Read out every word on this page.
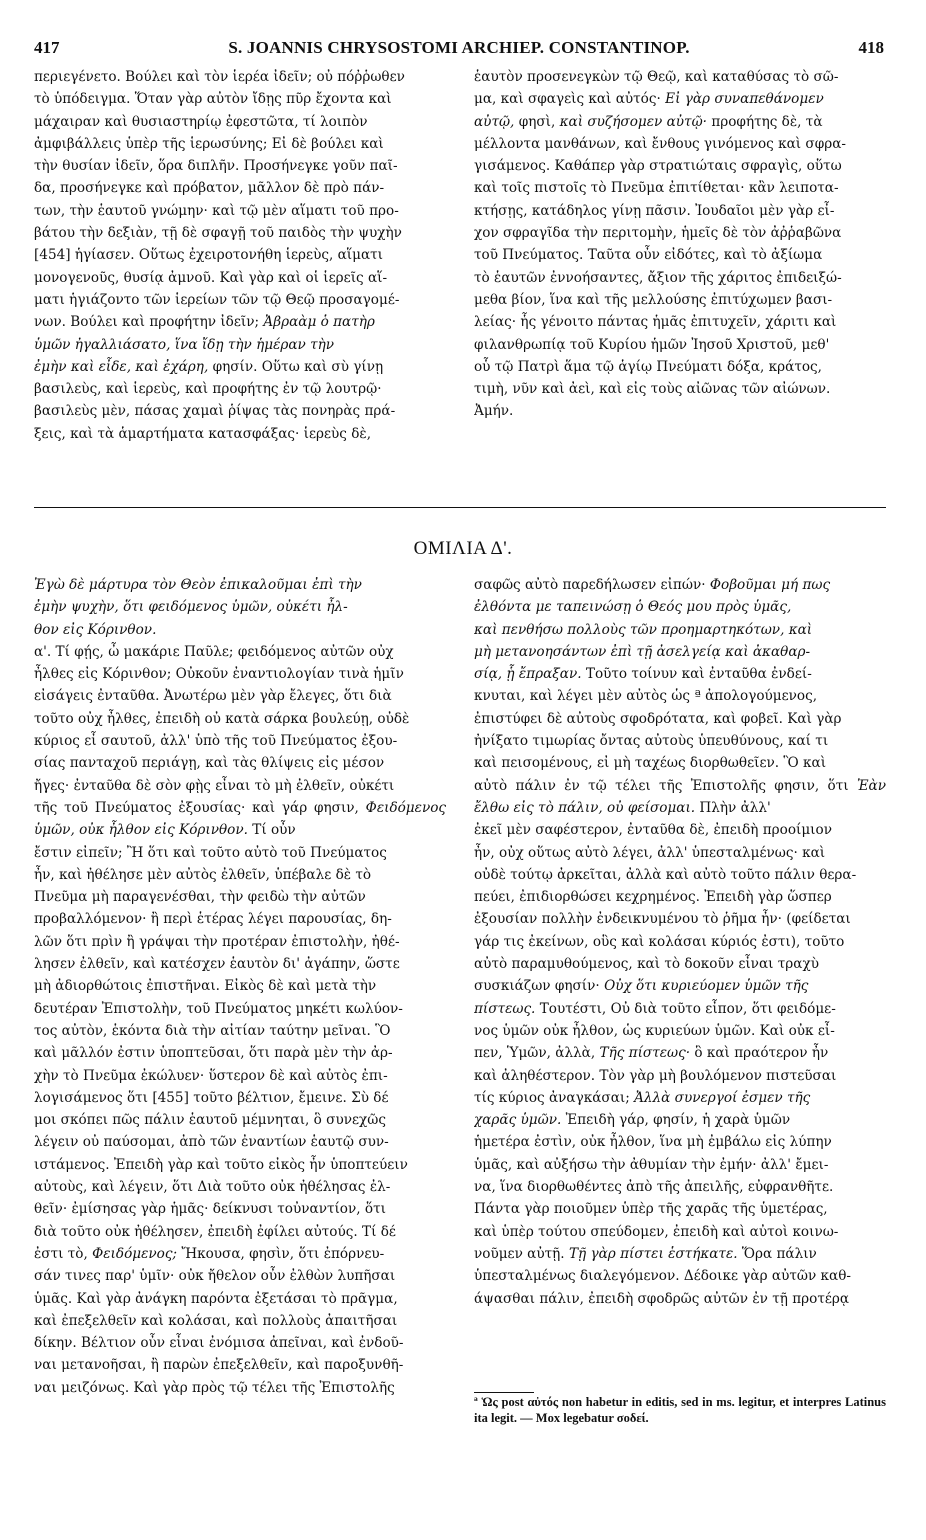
417	S. JOANNIS CHRYSOSTOMI ARCHIEP. CONSTANTINOP.	418
περιεγένετο. Βούλει καὶ τὸν ἱερέα ἰδεῖν; οὐ πόῤῥωθεν
τὸ ὑπόδειγμα. Ὅταν γὰρ αὐτὸν ἴδῃς πῦρ ἔχοντα καὶ
μάχαιραν καὶ θυσιαστηρίῳ ἐφεστῶτα, τί λοιπὸν
ἀμφιβάλλεις ὑπὲρ τῆς ἱερωσύνης; Εἰ δὲ βούλει καὶ
τὴν θυσίαν ἰδεῖν, ὅρα διπλῆν. Προσήνεγκε γοῦν παῖ-
δα, προσήνεγκε καὶ πρόβατον, μᾶλλον δὲ πρὸ πάν-
των, τὴν ἑαυτοῦ γνώμην· καὶ τῷ μὲν αἵματι τοῦ προ-
βάτου τὴν δεξιὰν, τῇ δὲ σφαγῇ τοῦ παιδὸς τὴν ψυχὴν
[454] ἡγίασεν. Οὕτως ἐχειροτονήθη ἱερεὺς, αἵματι
μονογενοῦς, θυσίᾳ ἀμνοῦ. Καὶ γὰρ καὶ οἱ ἱερεῖς αἵ-
ματι ἡγιάζοντο τῶν ἱερείων τῶν τῷ Θεῷ προσαγομέ-
νων. Βούλει καὶ προφήτην ἰδεῖν; Ἀβραὰμ ὁ πατὴρ
ὑμῶν ἠγαλλιάσατο, ἵνα ἴδῃ τὴν ἡμέραν τὴν
ἐμὴν καὶ εἶδε, καὶ ἐχάρη, φησίν. Οὕτω καὶ σὺ γίνῃ
βασιλεὺς, καὶ ἱερεὺς, καὶ προφήτης ἐν τῷ λουτρῷ·
βασιλεὺς μὲν, πάσας χαμαὶ ῥίψας τὰς πονηρὰς πρά-
ξεις, καὶ τὰ ἁμαρτήματα κατασφάξας· ἱερεὺς δὲ,
ἑαυτὸν προσενεγκὼν τῷ Θεῷ, καὶ καταθύσας τὸ σῶ-
μα, καὶ σφαγεὶς καὶ αὐτός· Εἰ γὰρ συναπεθάνομεν
αὐτῷ, φησὶ, καὶ συζήσομεν αὐτῷ· προφήτης δὲ, τὰ
μέλλοντα μανθάνων, καὶ ἔνθους γινόμενος καὶ σφρα-
γισάμενος. Καθάπερ γὰρ στρατιώταις σφραγὶς, οὕτω
καὶ τοῖς πιστοῖς τὸ Πνεῦμα ἐπιτίθεται· κἂν λειποτα-
κτήσῃς, κατάδηλος γίνῃ πᾶσιν. Ἰουδαῖοι μὲν γὰρ εἶ-
χον σφραγῖδα τὴν περιτομὴν, ἡμεῖς δὲ τὸν ἀῤῥαβῶνα
τοῦ Πνεύματος. Ταῦτα οὖν εἰδότες, καὶ τὸ ἀξίωμα
τὸ ἑαυτῶν ἐννοήσαντες, ἄξιον τῆς χάριτος ἐπιδειξώ-
μεθα βίον, ἵνα καὶ τῆς μελλούσης ἐπιτύχωμεν βασι-
λείας· ἧς γένοιτο πάντας ἡμᾶς ἐπιτυχεῖν, χάριτι καὶ
φιλανθρωπίᾳ τοῦ Κυρίου ἡμῶν Ἰησοῦ Χριστοῦ, μεθ'
οὗ τῷ Πατρὶ ἅμα τῷ ἁγίῳ Πνεύματι δόξα, κράτος,
τιμὴ, νῦν καὶ ἀεὶ, καὶ εἰς τοὺς αἰῶνας τῶν αἰώνων.
Ἀμήν.
ΟΜΙΛΙΑ Δ'.
Ἐγὼ δὲ μάρτυρα τὸν Θεὸν ἐπικαλοῦμαι ἐπὶ τὴν
ἐμὴν ψυχὴν, ὅτι φειδόμενος ὑμῶν, οὐκέτι ἦλ-
θον εἰς Κόρινθον.
α'. Τί φῄς, ὦ μακάριε Παῦλε; φειδόμενος αὐτῶν οὐχ
ἦλθες εἰς Κόρινθον; Οὐκοῦν ἐναντιολογίαν τινὰ ἡμῖν
εἰσάγεις ἐνταῦθα. Ἀνωτέρω μὲν γὰρ ἔλεγες, ὅτι διὰ
τοῦτο οὐχ ἦλθες, ἐπειδὴ οὐ κατὰ σάρκα βουλεύῃ, οὐδὲ
κύριος εἶ σαυτοῦ, ἀλλ' ὑπὸ τῆς τοῦ Πνεύματος ἐξου-
σίας πανταχοῦ περιάγῃ, καὶ τὰς θλίψεις εἰς μέσον
ἤγες· ἐνταῦθα δὲ σὸν φῂς εἶναι τὸ μὴ ἐλθεῖν, οὐκέτι
τῆς τοῦ Πνεύματος ἐξουσίας· καὶ γάρ φησιν, Φειδόμενος ὑμῶν, οὐκ ἦλθον εἰς Κόρινθον. Τί οὖν
ἔστιν εἰπεῖν; Ἢ ὅτι καὶ τοῦτο αὐτὸ τοῦ Πνεύματος
ἦν, καὶ ἠθέλησε μὲν αὐτὸς ἐλθεῖν, ὑπέβαλε δὲ τὸ
Πνεῦμα μὴ παραγενέσθαι, τὴν φειδὼ τὴν αὐτῶν
προβαλλόμενον· ἢ περὶ ἑτέρας λέγει παρουσίας, δη-
λῶν ὅτι πρὶν ἢ γράψαι τὴν προτέραν ἐπιστολὴν, ἠθέ-
λησεν ἐλθεῖν, καὶ κατέσχεν ἑαυτὸν δι' ἀγάπην, ὥστε
μὴ ἀδιορθώτοις ἐπιστῆναι. Εἰκὸς δὲ καὶ μετὰ τὴν
δευτέραν Ἐπιστολὴν, τοῦ Πνεύματος μηκέτι κωλύον-
τος αὐτὸν, ἑκόντα διὰ τὴν αἰτίαν ταύτην μεῖναι. Ὃ
καὶ μᾶλλόν ἐστιν ὑποπτεῦσαι, ὅτι παρὰ μὲν τὴν ἀρ-
χὴν τὸ Πνεῦμα ἐκώλυεν· ὕστερον δὲ καὶ αὐτὸς ἐπι-
λογισάμενος ὅτι [455] τοῦτο βέλτιον, ἔμεινε. Σὺ δέ
μοι σκόπει πῶς πάλιν ἑαυτοῦ μέμνηται, ὃ συνεχῶς
λέγειν οὐ παύσομαι, ἀπὸ τῶν ἐναντίων ἑαυτῷ συν-
ιστάμενος. Ἐπειδὴ γὰρ καὶ τοῦτο εἰκὸς ἦν ὑποπτεύειν
αὐτοὺς, καὶ λέγειν, ὅτι Διὰ τοῦτο οὐκ ἠθέλησας ἐλ-
θεῖν· ἐμίσησας γὰρ ἡμᾶς· δείκνυσι τοὐναντίον, ὅτι
διὰ τοῦτο οὐκ ἠθέλησεν, ἐπειδὴ ἐφίλει αὐτούς. Τί δέ
ἐστι τὸ, Φειδόμενος; Ἤκουσα, φησὶν, ὅτι ἐπόρνευ-
σάν τινες παρ' ὑμῖν· οὐκ ἤθελον οὖν ἐλθὼν λυπῆσαι
ὑμᾶς. Καὶ γὰρ ἀνάγκη παρόντα ἐξετάσαι τὸ πρᾶγμα,
καὶ ἐπεξελθεῖν καὶ κολάσαι, καὶ πολλοὺς ἀπαιτῆσαι
δίκην. Βέλτιον οὖν εἶναι ἐνόμισα ἀπεῖναι, καὶ ἐνδοῦ-
ναι μετανοῆσαι, ἢ παρὼν ἐπεξελθεῖν, καὶ παροξυνθῆ-
ναι μειζόνως. Καὶ γὰρ πρὸς τῷ τέλει τῆς Ἐπιστολῆς
σαφῶς αὐτὸ παρεδήλωσεν εἰπών· Φοβοῦμαι μή πως
ἐλθόντα με ταπεινώσῃ ὁ Θεός μου πρὸς ὑμᾶς,
καὶ πενθήσω πολλοὺς τῶν προημαρτηκότων, καὶ
μὴ μετανοησάντων ἐπὶ τῇ ἀσελγείᾳ καὶ ἀκαθαρ-
σίᾳ, ᾗ ἔπραξαν. Τοῦτο τοίνυν καὶ ἐνταῦθα ἐνδεί-
κνυται, καὶ λέγει μὲν αὐτὸς ὡς ª ἀπολογούμενος,
ἐπιστύφει δὲ αὐτοὺς σφοδρότατα, καὶ φοβεῖ. Καὶ γὰρ
ἠνίξατο τιμωρίας ὄντας αὐτοὺς ὑπευθύνους, καί τι
καὶ πεισομένους, εἰ μὴ ταχέως διορθωθεῖεν. Ὃ καὶ
αὐτὸ πάλιν ἐν τῷ τέλει τῆς Ἐπιστολῆς φησιν, ὅτι Ἐὰν ἔλθω εἰς τὸ πάλιν, οὐ φείσομαι. Πλὴν ἀλλ'
ἐκεῖ μὲν σαφέστερον, ἐνταῦθα δὲ, ἐπειδὴ προοίμιον
ἦν, οὐχ οὕτως αὐτὸ λέγει, ἀλλ' ὑπεσταλμένως· καὶ
οὐδὲ τούτῳ ἀρκεῖται, ἀλλὰ καὶ αὐτὸ τοῦτο πάλιν θερα-
πεύει, ἐπιδιορθώσει κεχρημένος. Ἐπειδὴ γὰρ ὥσπερ
ἐξουσίαν πολλὴν ἐνδεικνυμένου τὸ ῥῆμα ἦν· (φείδεται
γάρ τις ἐκείνων, οὓς καὶ κολάσαι κύριός ἐστι), τοῦτο
αὐτὸ παραμυθούμενος, καὶ τὸ δοκοῦν εἶναι τραχὺ
συσκιάζων φησίν· Οὐχ ὅτι κυριεύομεν ὑμῶν τῆς
πίστεως. Τουτέστι, Οὐ διὰ τοῦτο εἶπον, ὅτι φειδόμε-
νος ὑμῶν οὐκ ἦλθον, ὡς κυριεύων ὑμῶν. Καὶ οὐκ εἶ-
πεν, Ὑμῶν, ἀλλὰ, Τῆς πίστεως· ὃ καὶ πραότερον ἦν
καὶ ἀληθέστερον. Τὸν γὰρ μὴ βουλόμενον πιστεῦσαι
τίς κύριος ἀναγκάσαι; Ἀλλὰ συνεργοί ἐσμεν τῆς
χαρᾶς ὑμῶν. Ἐπειδὴ γάρ, φησίν, ἡ χαρὰ ὑμῶν
ἡμετέρα ἐστὶν, οὐκ ἦλθον, ἵνα μὴ ἐμβάλω εἰς λύπην
ὑμᾶς, καὶ αὐξήσω τὴν ἀθυμίαν τὴν ἐμήν· ἀλλ' ἔμει-
να, ἵνα διορθωθέντες ἀπὸ τῆς ἀπειλῆς, εὐφρανθῆτε.
Πάντα γὰρ ποιοῦμεν ὑπὲρ τῆς χαρᾶς τῆς ὑμετέρας,
καὶ ὑπὲρ τούτου σπεύδομεν, ἐπειδὴ καὶ αὐτοὶ κοινω-
νοῦμεν αὐτῇ. Τῇ γὰρ πίστει ἑστήκατε. Ὅρα πάλιν
ὑπεσταλμένως διαλεγόμενον. Δέδοικε γὰρ αὐτῶν καθ-
άψασθαι πάλιν, ἐπειδὴ σφοδρῶς αὐτῶν ἐν τῇ προτέρᾳ
ª Ὡς post αὐτός non habetur in editis, sed in ms. legitur, et interpres Latinus ita legit. — Mox legebatur σοδεί.
